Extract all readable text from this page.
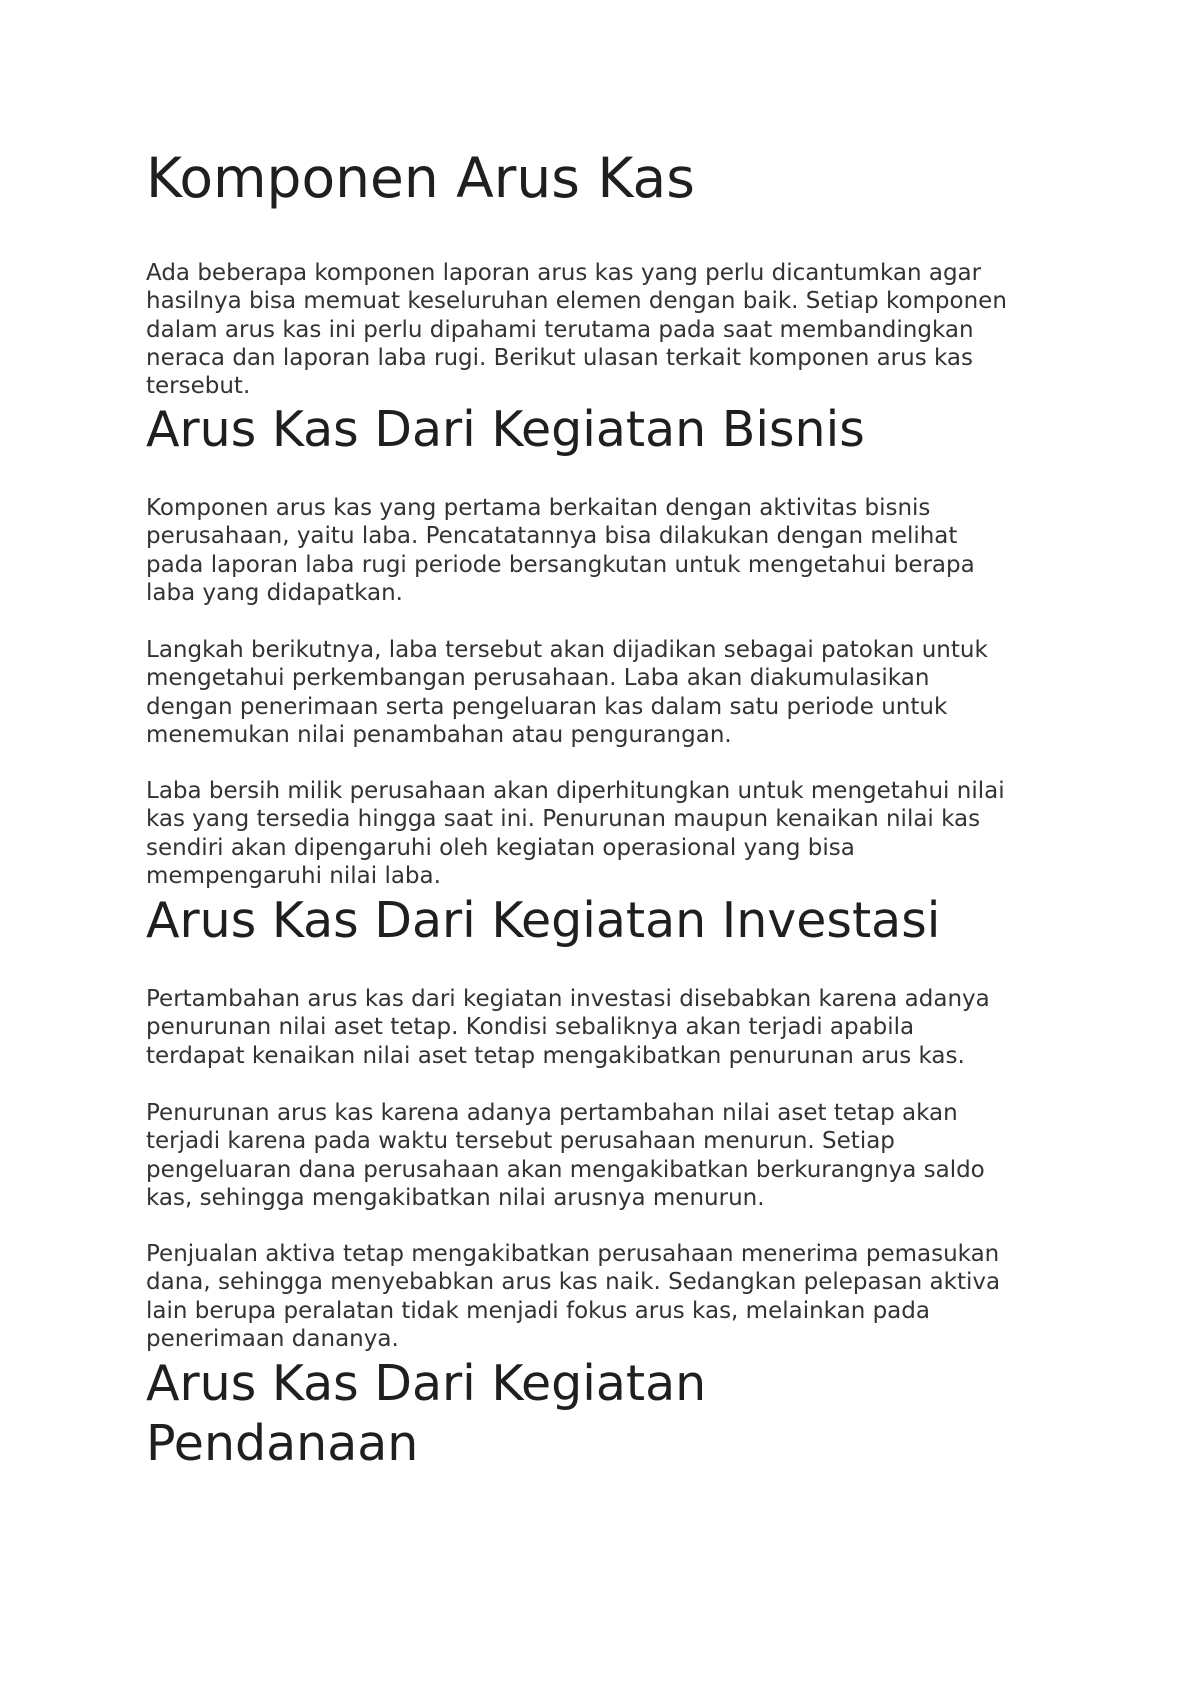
Komponen Arus Kas

Ada beberapa komponen laporan arus kas yang perlu dicantumkan agar
hasilnya bisa memuat keseluruhan elemen dengan baik. Setiap komponen
dalam arus kas ini perlu dipahami terutama pada saat membandingkan
neraca dan laporan laba rugi. Berikut ulasan terkait komponen arus kas
tersebut.

Arus Kas Dari Kegiatan Bisnis

Komponen arus kas yang pertama berkaitan dengan aktivitas bisnis
perusahaan, yaitu laba. Pencatatannya bisa dilakukan dengan melihat
pada laporan laba rugi periode bersangkutan untuk mengetahui berapa
laba yang didapatkan.

Langkah berikutnya, laba tersebut akan dijadikan sebagai patokan untuk
mengetahui perkembangan perusahaan. Laba akan diakumulasikan
dengan penerimaan serta pengeluaran kas dalam satu periode untuk
menemukan nilai penambahan atau pengurangan.

Laba bersih milik perusahaan akan diperhitungkan untuk mengetahui nilai
kas yang tersedia hingga saat ini. Penurunan maupun kenaikan nilai kas
sendiri akan dipengaruhi oleh kegiatan operasional yang bisa
mempengaruhi nilai laba.

Arus Kas Dari Kegiatan Investasi

Pertambahan arus kas dari kegiatan investasi disebabkan karena adanya
penurunan nilai aset tetap. Kondisi sebaliknya akan terjadi apabila
terdapat kenaikan nilai aset tetap mengakibatkan penurunan arus kas.

Penurunan arus kas karena adanya pertambahan nilai aset tetap akan
terjadi karena pada waktu tersebut perusahaan menurun. Setiap
pengeluaran dana perusahaan akan mengakibatkan berkurangnya saldo
kas, sehingga mengakibatkan nilai arusnya menurun.

Penjualan aktiva tetap mengakibatkan perusahaan menerima pemasukan
dana, sehingga menyebabkan arus kas naik. Sedangkan pelepasan aktiva
lain berupa peralatan tidak menjadi fokus arus kas, melainkan pada
penerimaan dananya.

Arus Kas Dari Kegiatan
Pendanaan
